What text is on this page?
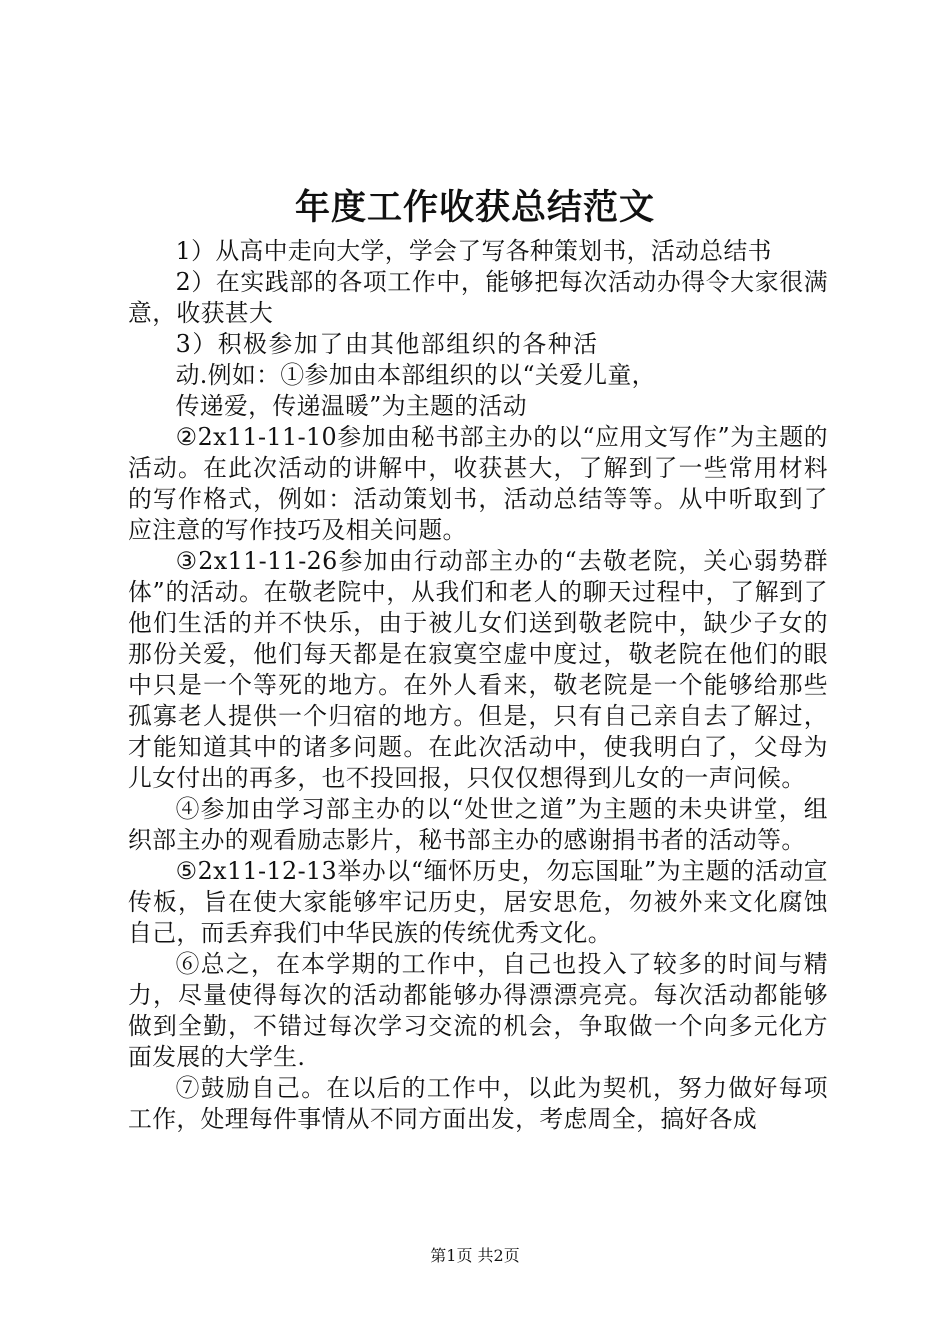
年度工作收获总结范文

1）从高中走向大学，学会了写各种策划书，活动总结书

2）在实践部的各项工作中，能够把每次活动办得令大家很满意，收获甚大

3）积极参加了由其他部组织的各种活

动.例如：①参加由本部组织的以“关爱儿童，

传递爱，传递温暖”为主题的活动

②2x11-11-10参加由秘书部主办的以“应用文写作”为主题的活动。在此次活动的讲解中，收获甚大，了解到了一些常用材料的写作格式，例如：活动策划书，活动总结等等。从中听取到了应注意的写作技巧及相关问题。

③2x11-11-26参加由行动部主办的“去敬老院，关心弱势群体”的活动。在敬老院中，从我们和老人的聊天过程中，了解到了他们生活的并不快乐，由于被儿女们送到敬老院中，缺少子女的那份关爱，他们每天都是在寂寞空虚中度过，敬老院在他们的眼中只是一个等死的地方。在外人看来，敬老院是一个能够给那些孤寡老人提供一个归宿的地方。但是，只有自己亲自去了解过，才能知道其中的诸多问题。在此次活动中，使我明白了，父母为儿女付出的再多，也不投回报，只仅仅想得到儿女的一声问候。

④参加由学习部主办的以“处世之道”为主题的未央讲堂，组织部主办的观看励志影片，秘书部主办的感谢捐书者的活动等。

⑤2x11-12-13举办以“缅怀历史，勿忘国耻”为主题的活动宣传板，旨在使大家能够牢记历史，居安思危，勿被外来文化腐蚀自己，而丢弃我们中华民族的传统优秀文化。

⑥总之，在本学期的工作中，自己也投入了较多的时间与精力，尽量使得每次的活动都能够办得漂漂亮亮。每次活动都能够做到全勤，不错过每次学习交流的机会，争取做一个向多元化方面发展的大学生.

⑦鼓励自己。在以后的工作中，以此为契机，努力做好每项工作，处理每件事情从不同方面出发，考虑周全，搞好各成

第1页 共2页
